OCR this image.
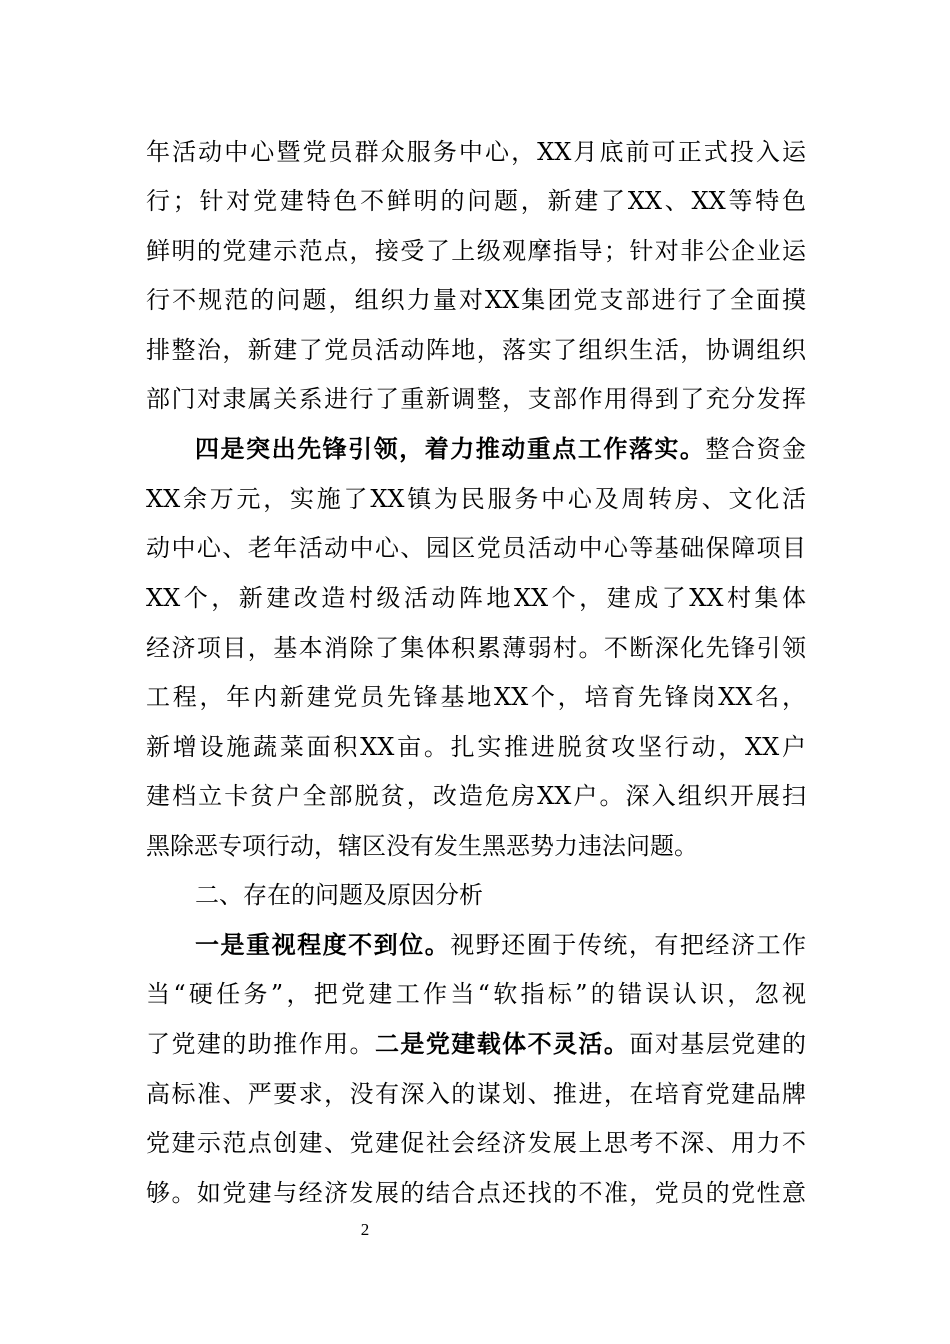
年活动中心暨党员群众服务中心，XX月底前可正式投入运
行；针对党建特色不鲜明的问题，新建了XX、XX等特色
鲜明的党建示范点，接受了上级观摩指导；针对非公企业运
行不规范的问题，组织力量对XX集团党支部进行了全面摸
排整治，新建了党员活动阵地，落实了组织生活，协调组织
部门对隶属关系进行了重新调整，支部作用得到了充分发挥
四是突出先锋引领，着力推动重点工作落实。整合资金
XX余万元，实施了XX镇为民服务中心及周转房、文化活
动中心、老年活动中心、园区党员活动中心等基础保障项目
XX个，新建改造村级活动阵地XX个，建成了XX村集体
经济项目，基本消除了集体积累薄弱村。不断深化先锋引领
工程，年内新建党员先锋基地XX个，培育先锋岗XX名，
新增设施蔬菜面积XX亩。扎实推进脱贫攻坚行动，XX户
建档立卡贫户全部脱贫，改造危房XX户。深入组织开展扫
黑除恶专项行动，辖区没有发生黑恶势力违法问题。
二、存在的问题及原因分析
一是重视程度不到位。视野还囿于传统，有把经济工作
当“硬任务”，把党建工作当“软指标”的错误认识，忽视
了党建的助推作用。二是党建载体不灵活。面对基层党建的
高标准、严要求，没有深入的谋划、推进，在培育党建品牌
党建示范点创建、党建促社会经济发展上思考不深、用力不
够。如党建与经济发展的结合点还找的不准，党员的党性意
2
